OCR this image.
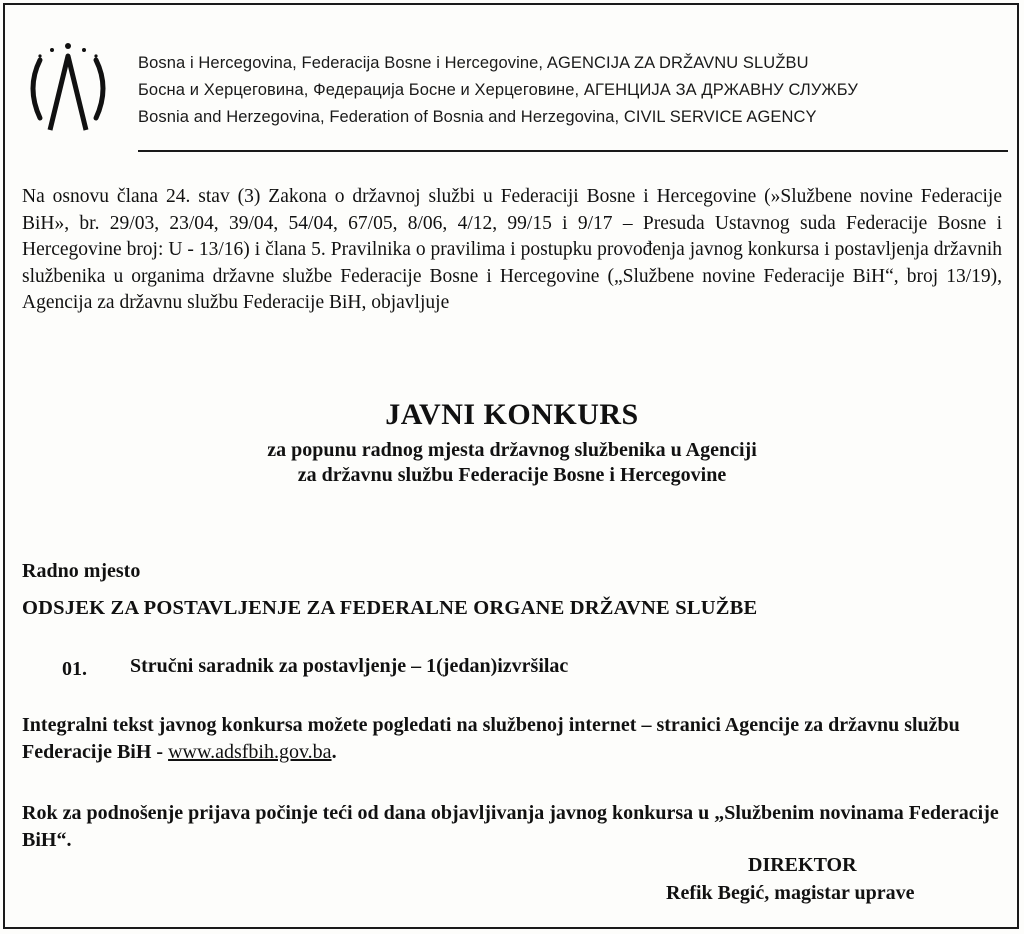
Bosna i Hercegovina, Federacija Bosne i Hercegovine, AGENCIJA ZA DRŽAVNU SLUŽBU
Босна и Херцеговина, Федерација Босне и Херцеговине, АГЕНЦИЈА ЗА ДРЖАВНУ СЛУЖБУ
Bosnia and Herzegovina, Federation of Bosnia and Herzegovina, CIVIL SERVICE AGENCY
Na osnovu člana 24. stav (3) Zakona o državnoj službi u Federaciji Bosne i Hercegovine (»Službene novine Federacije BiH», br. 29/03, 23/04, 39/04, 54/04, 67/05, 8/06, 4/12, 99/15 i 9/17 – Presuda Ustavnog suda Federacije Bosne i Hercegovine broj: U - 13/16) i člana 5. Pravilnika o pravilima i postupku provođenja javnog konkursa i postavljenja državnih službenika u organima državne službe Federacije Bosne i Hercegovine („Službene novine Federacije BiH“, broj 13/19), Agencija za državnu službu Federacije BiH, objavljuje
JAVNI KONKURS
za popunu radnog mjesta državnog službenika u Agenciji
za državnu službu Federacije Bosne i Hercegovine
Radno mjesto
ODSJEK ZA POSTAVLJENJE ZA FEDERALNE ORGANE DRŽAVNE SLUŽBE
01. Stručni saradnik za postavljenje – 1(jedan)izvršilac
Integralni tekst javnog konkursa možete pogledati na službenoj internet – stranici Agencije za državnu službu Federacije BiH - www.adsfbih.gov.ba.
Rok za podnošenje prijava počinje teći od dana objavljivanja javnog konkursa u „Službenim novinama Federacije BiH“.
DIREKTOR
Refik Begić, magistar uprave
